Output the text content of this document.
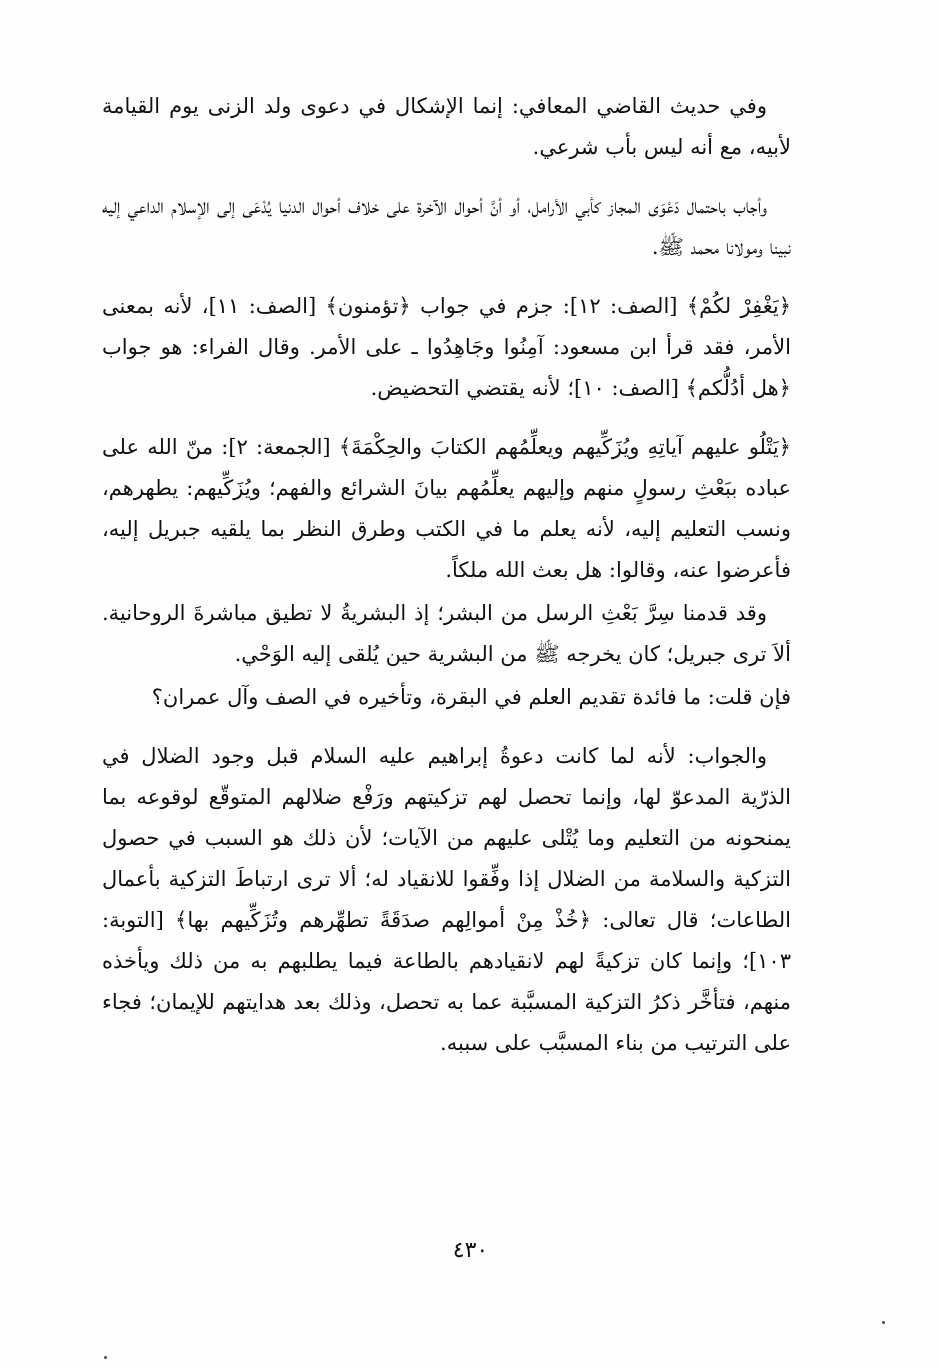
وفي حديث القاضي المعافي: إنما الإشكال في دعوى ولد الزنى يوم القيامة لأبيه، مع أنه ليس بأب شرعي.

وأجاب باحتمال دَعْوَى المجاز كأبي الأرامل، أو أنَّ أحوال الآخرة على خلاف أحوال الدنيا يُدْعَى إلى الإسلام الداعي إليه نبينا ومولانا محمد ﷺ.

﴿يَغْفِرْ لكُمْ﴾ [الصف: ١٢]: جزم في جواب ﴿تؤمنون﴾ [الصف: ١١]، لأنه بمعنى الأمر، فقد قرأ ابن مسعود: آمِنُوا وجَاهِدُوا ـ على الأمر. وقال الفراء: هو جواب ﴿هل أدُلُّكم﴾ [الصف: ١٠]؛ لأنه يقتضي التحضيض.

﴿يَتْلُو عليهم آياتِهِ ويُزَكِّيهم ويعلِّمُهم الكتابَ والحِكْمَةَ﴾ [الجمعة: ٢]: منّ الله على عباده ببَعْثِ رسولٍ منهم وإليهم يعلِّمُهم بيانَ الشرائع والفهم؛ ويُزَكِّيهم: يطهرهم، ونسب التعليم إليه، لأنه يعلم ما في الكتب وطرق النظر بما يلقيه جبريل إليه، فأعرضوا عنه، وقالوا: هل بعث الله ملكاً.

وقد قدمنا سِرَّ بَعْثِ الرسل من البشر؛ إذ البشريةُ لا تطيق مباشرةَ الروحانية. ألاَ ترى جبريل؛ كان يخرجه ﷺ من البشرية حين يُلقى إليه الوَحْي.

فإن قلت: ما فائدة تقديم العلم في البقرة، وتأخيره في الصف وآل عمران؟

والجواب: لأنه لما كانت دعوةُ إبراهيم عليه السلام قبل وجود الضلال في الذرّية المدعوّ لها، وإنما تحصل لهم تزكيتهم ورَفْع ضلالهم المتوقّع لوقوعه بما يمنحونه من التعليم وما يُتْلى عليهم من الآيات؛ لأن ذلك هو السبب في حصول التزكية والسلامة من الضلال إذا وفِّقوا للانقياد له؛ ألا ترى ارتباطَ التزكية بأعمال الطاعات؛ قال تعالى: ﴿خُذْ مِنْ أموالِهم صدَقَةً تطهِّرهم وتُزَكِّيهم بها﴾ [التوبة: ١٠٣]؛ وإنما كان تزكيةً لهم لانقيادهم بالطاعة فيما يطلبهم به من ذلك ويأخذه منهم، فتأخَّر ذكرُ التزكية المسبَّبة عما به تحصل، وذلك بعد هدايتهم للإيمان؛ فجاء على الترتيب من بناء المسبَّب على سببه.

٤٣٠
